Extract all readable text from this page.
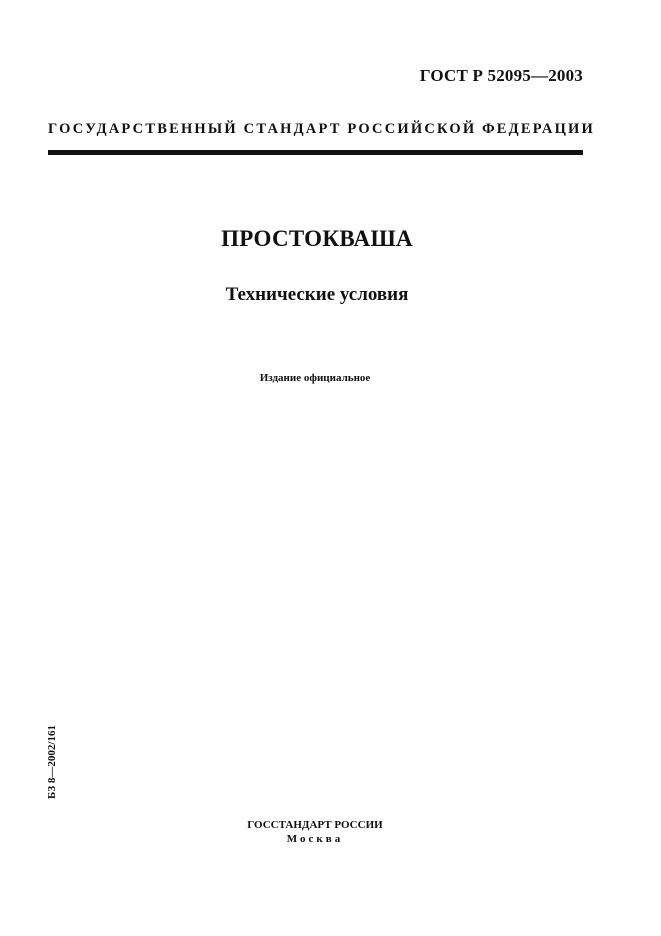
ГОСТ Р 52095—2003
ГОСУДАРСТВЕННЫЙ СТАНДАРТ РОССИЙСКОЙ ФЕДЕРАЦИИ
ПРОСТОКВАША
Технические условия
Издание официальное
БЗ 8—2002/161
ГОССТАНДАРТ РОССИИ
Москва
